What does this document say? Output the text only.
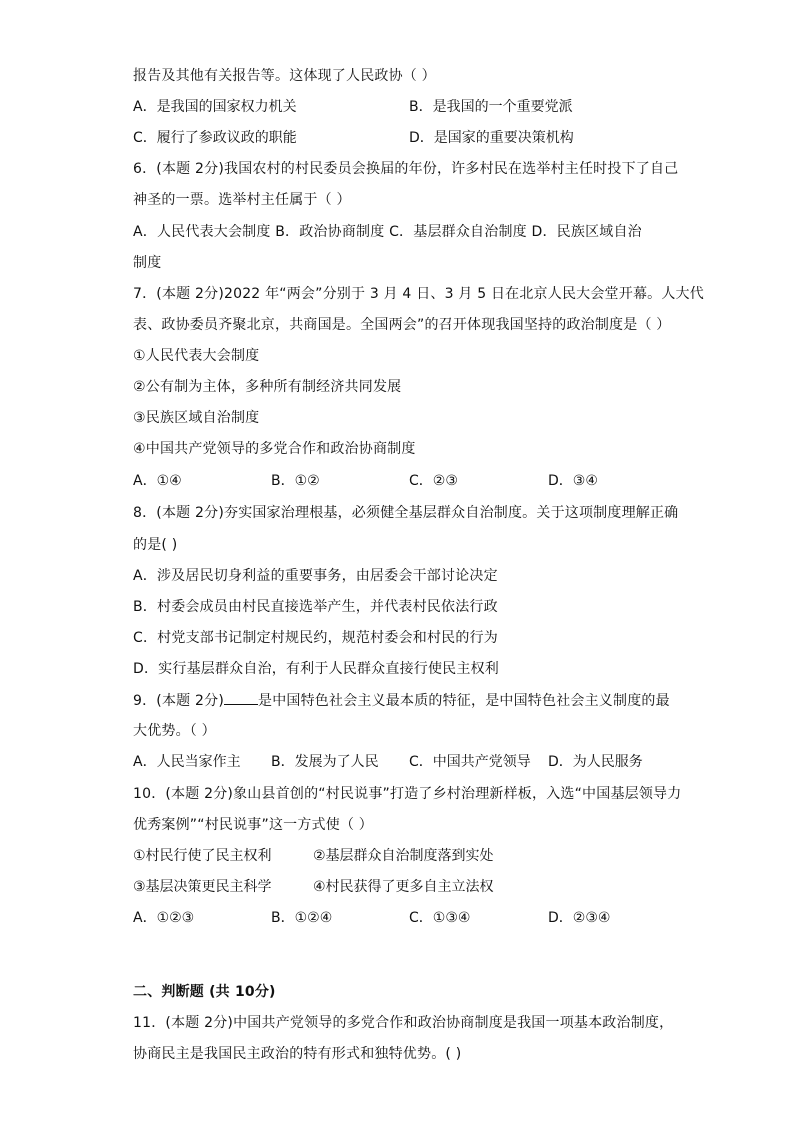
报告及其他有关报告等。这体现了人民政协（ ）
A．是我国的国家权力机关	B．是我国的一个重要党派
C．履行了参政议政的职能	D．是国家的重要决策机构
6．(本题 2分)我国农村的村民委员会换届的年份，许多村民在选举村主任时投下了自己
神圣的一票。选举村主任属于（ ）
A．人民代表大会制度 B．政治协商制度 C．基层群众自治制度 D．民族区域自治
制度
7．(本题 2分)2022 年“两会”分别于 3 月 4 日、3 月 5 日在北京人民大会堂开幕。人大代
表、政协委员齐聚北京，共商国是。全国两会”的召开体现我国坚持的政治制度是（ ）
①人民代表大会制度
②公有制为主体，多种所有制经济共同发展
③民族区域自治制度
④中国共产党领导的多党合作和政治协商制度
A．①④	B．①②	C．②③	D．③④
8．(本题 2分)夯实国家治理根基，必须健全基层群众自治制度。关于这项制度理解正确
的是( )
A．涉及居民切身利益的重要事务，由居委会干部讨论决定
B．村委会成员由村民直接选举产生，并代表村民依法行政
C．村党支部书记制定村规民约，规范村委会和村民的行为
D．实行基层群众自治，有利于人民群众直接行使民主权利
9．(本题 2分) 是中国特色社会主义最本质的特征，是中国特色社会主义制度的最
大优势。（ ）
A．人民当家作主 B．发展为了人民 C．中国共产党领导 D．为人民服务
10．(本题 2分)象山县首创的“村民说事”打造了乡村治理新样板，入选“中国基层领导力
优秀案例”“村民说事”这一方式使（ ）
①村民行使了民主权利	②基层群众自治制度落到实处
③基层决策更民主科学	④村民获得了更多自主立法权
A．①②③	B．①②④	C．①③④	D．②③④
二、判断题 (共 10分)
11．(本题 2分)中国共产党领导的多党合作和政治协商制度是我国一项基本政治制度，
协商民主是我国民主政治的特有形式和独特优势。( )
